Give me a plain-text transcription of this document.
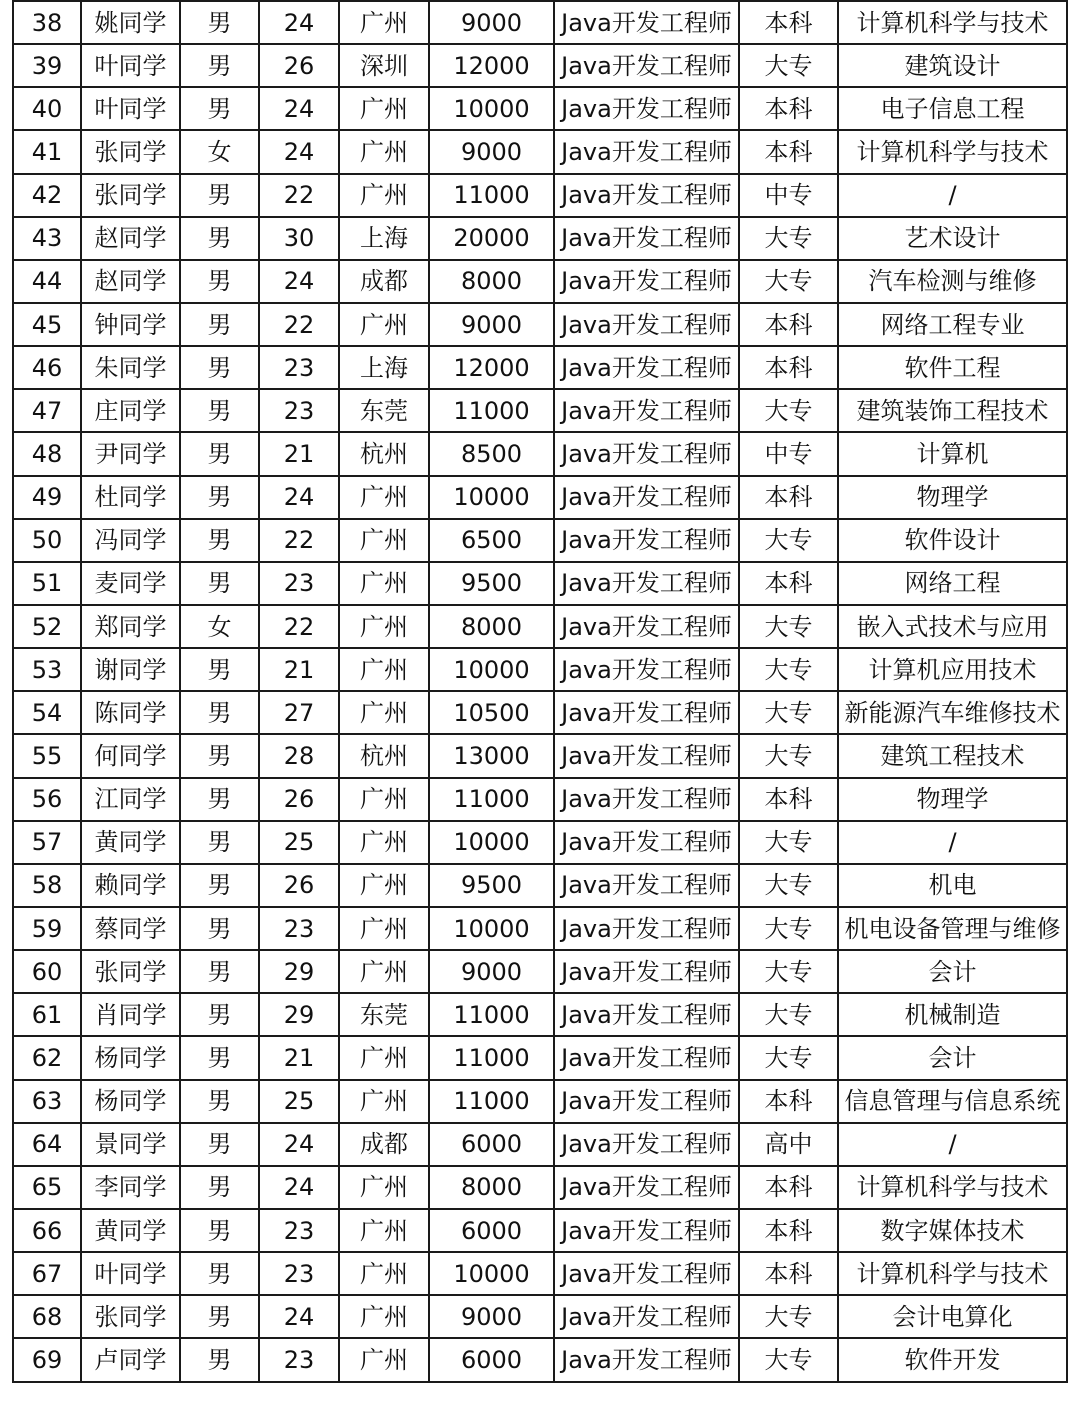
38	姚同学	男	24	广州	9000	Java开发工程师	本科	计算机科学与技术
39	叶同学	男	26	深圳	12000	Java开发工程师	大专	建筑设计
40	叶同学	男	24	广州	10000	Java开发工程师	本科	电子信息工程
41	张同学	女	24	广州	9000	Java开发工程师	本科	计算机科学与技术
42	张同学	男	22	广州	11000	Java开发工程师	中专	/
43	赵同学	男	30	上海	20000	Java开发工程师	大专	艺术设计
44	赵同学	男	24	成都	8000	Java开发工程师	大专	汽车检测与维修
45	钟同学	男	22	广州	9000	Java开发工程师	本科	网络工程专业
46	朱同学	男	23	上海	12000	Java开发工程师	本科	软件工程
47	庄同学	男	23	东莞	11000	Java开发工程师	大专	建筑装饰工程技术
48	尹同学	男	21	杭州	8500	Java开发工程师	中专	计算机
49	杜同学	男	24	广州	10000	Java开发工程师	本科	物理学
50	冯同学	男	22	广州	6500	Java开发工程师	大专	软件设计
51	麦同学	男	23	广州	9500	Java开发工程师	本科	网络工程
52	郑同学	女	22	广州	8000	Java开发工程师	大专	嵌入式技术与应用
53	谢同学	男	21	广州	10000	Java开发工程师	大专	计算机应用技术
54	陈同学	男	27	广州	10500	Java开发工程师	大专	新能源汽车维修技术
55	何同学	男	28	杭州	13000	Java开发工程师	大专	建筑工程技术
56	江同学	男	26	广州	11000	Java开发工程师	本科	物理学
57	黄同学	男	25	广州	10000	Java开发工程师	大专	/
58	赖同学	男	26	广州	9500	Java开发工程师	大专	机电
59	蔡同学	男	23	广州	10000	Java开发工程师	大专	机电设备管理与维修
60	张同学	男	29	广州	9000	Java开发工程师	大专	会计
61	肖同学	男	29	东莞	11000	Java开发工程师	大专	机械制造
62	杨同学	男	21	广州	11000	Java开发工程师	大专	会计
63	杨同学	男	25	广州	11000	Java开发工程师	本科	信息管理与信息系统
64	景同学	男	24	成都	6000	Java开发工程师	高中	/
65	李同学	男	24	广州	8000	Java开发工程师	本科	计算机科学与技术
66	黄同学	男	23	广州	6000	Java开发工程师	本科	数字媒体技术
67	叶同学	男	23	广州	10000	Java开发工程师	本科	计算机科学与技术
68	张同学	男	24	广州	9000	Java开发工程师	大专	会计电算化
69	卢同学	男	23	广州	6000	Java开发工程师	大专	软件开发
